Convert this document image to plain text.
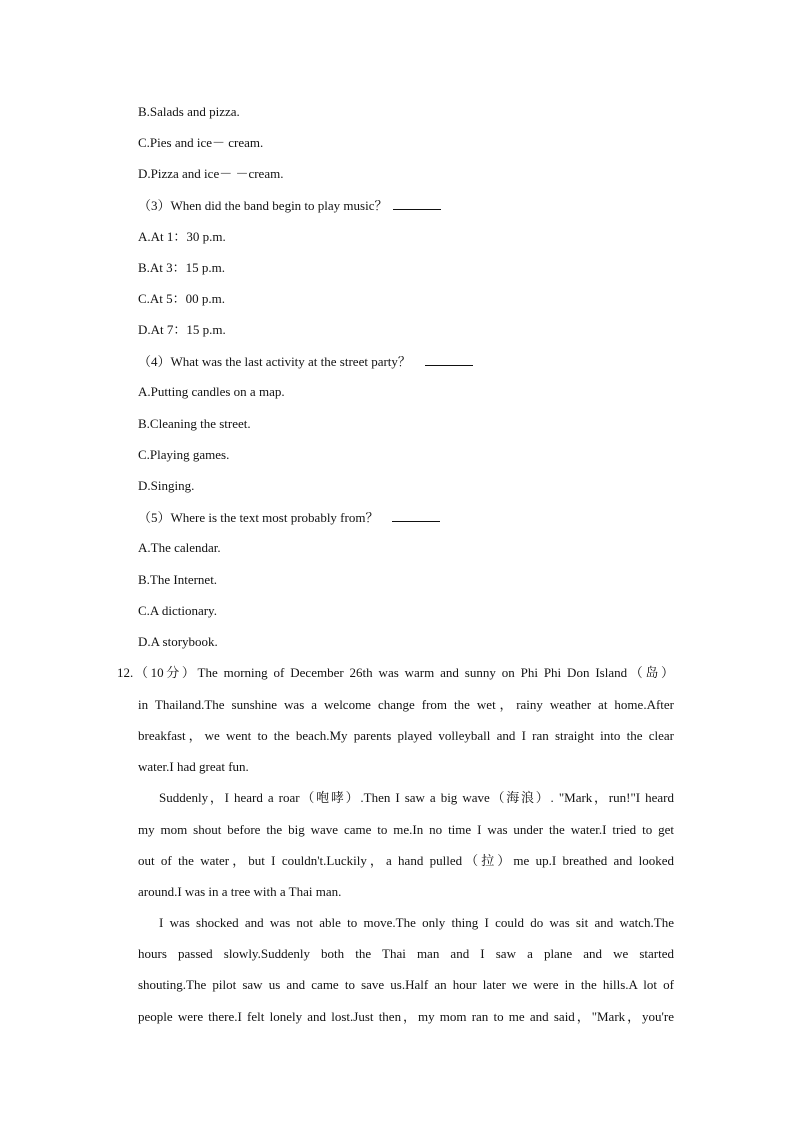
B.Salads and pizza.
C.Pies and ice－ cream.
D.Pizza and ice－ －cream.
（3）When did the band begin to play music？
A.At 1：30 p.m.
B.At 3：15 p.m.
C.At 5：00 p.m.
D.At 7：15 p.m.
（4）What was the last activity at the street party？
A.Putting candles on a map.
B.Cleaning the street.
C.Playing games.
D.Singing.
（5）Where is the text most probably from？
A.The calendar.
B.The Internet.
C.A dictionary.
D.A storybook.
12. （10分）The morning of December 26th was warm and sunny on Phi Phi Don Island（岛）
in Thailand.The sunshine was a welcome change from the wet，rainy weather at home.After
breakfast，we went to the beach.My parents played volleyball and I ran straight into the clear
water.I had great fun.
Suddenly，I heard a roar（咆哮）.Then I saw a big wave（海浪）. "Mark，run!"I heard
my mom shout before the big wave came to me.In no time I was under the water.I tried to get
out of the water，but I couldn't.Luckily，a hand pulled（拉）me up.I breathed and looked
around.I was in a tree with a Thai man.
I was shocked and was not able to move.The only thing I could do was sit and watch.The
hours passed slowly.Suddenly both the Thai man and I saw a plane and we started
shouting.The pilot saw us and came to save us.Half an hour later we were in the hills.A lot of
people were there.I felt lonely and lost.Just then，my mom ran to me and said，"Mark，you're
